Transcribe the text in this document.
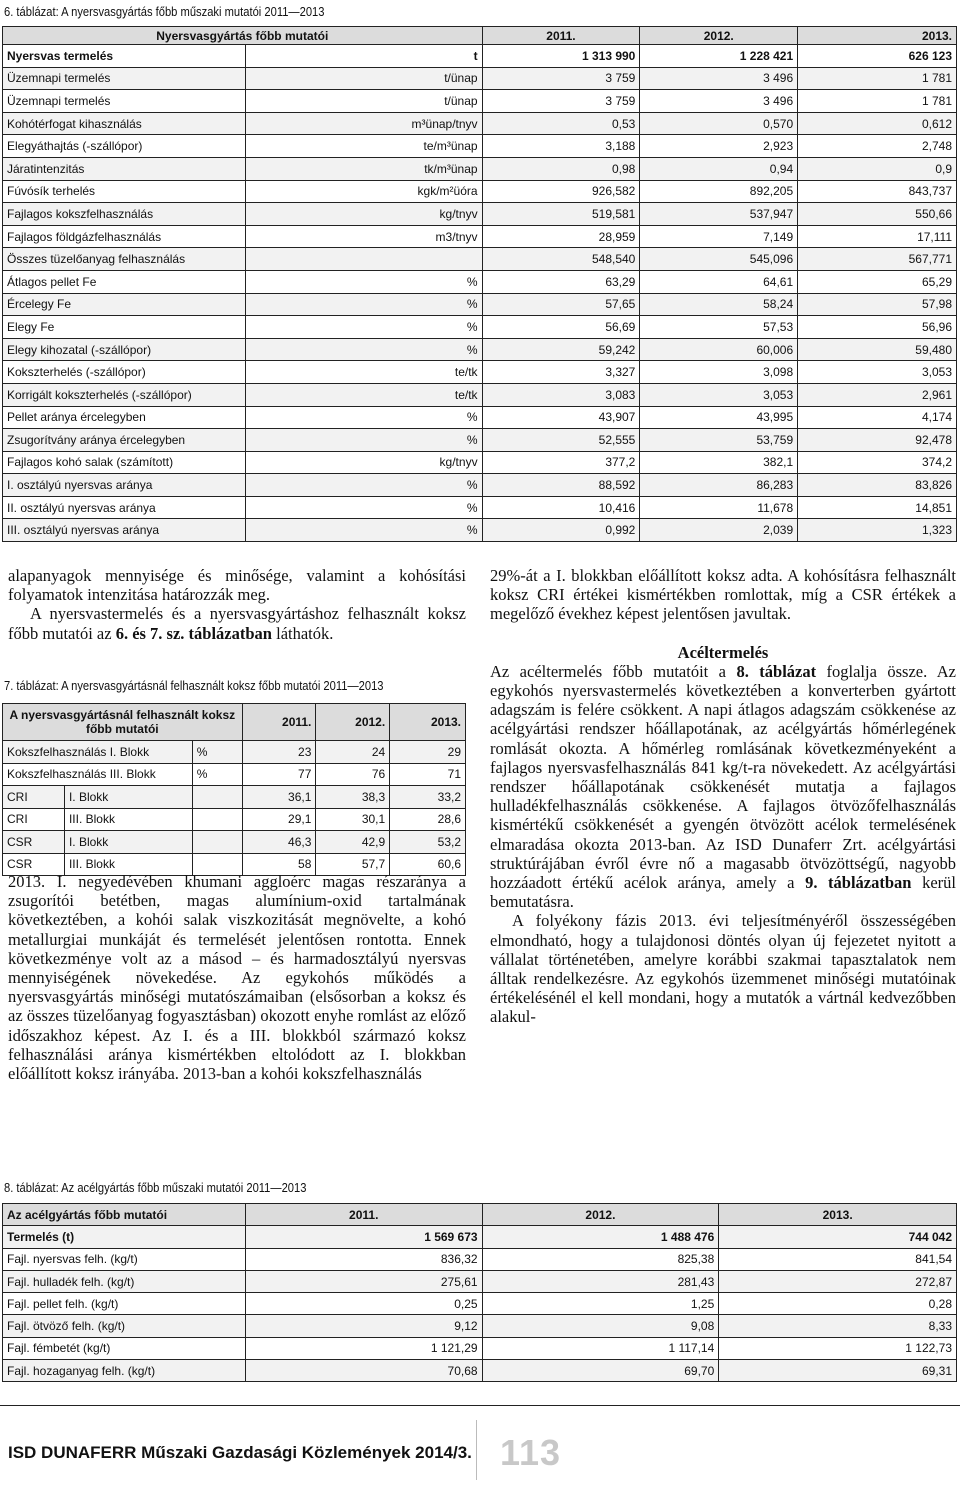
6. táblázat: A nyersvasgyártás főbb műszaki mutatói 2011—2013
Nyersvasgyártás főbb mutatói		2011.	2012.	2013.
Nyersvas termelés	t	1 313 990	1 228 421	626 123
Üzemnapi termelés	t/ünap	3 759	3 496	1 781
Üzemnapi termelés	t/ünap	3 759	3 496	1 781
Kohótérfogat kihasználás	m³ünap/tnyv	0,53	0,570	0,612
Elegyáthajtás (-szállópor)	te/m³ünap	3,188	2,923	2,748
Járatintenzitás	tk/m³ünap	0,98	0,94	0,9
Fúvósík terhelés	kgk/m²üóra	926,582	892,205	843,737
Fajlagos kokszfelhasználás	kg/tnyv	519,581	537,947	550,66
Fajlagos földgázfelhasználás	m3/tnyv	28,959	7,149	17,111
Összes tüzelőanyag felhasználás		548,540	545,096	567,771
Átlagos pellet Fe	%	63,29	64,61	65,29
Ércelegy Fe	%	57,65	58,24	57,98
Elegy Fe	%	56,69	57,53	56,96
Elegy kihozatal (-szállópor)	%	59,242	60,006	59,480
Kokszterhelés (-szállópor)	te/tk	3,327	3,098	3,053
Korrigált kokszterhelés (-szállópor)	te/tk	3,083	3,053	2,961
Pellet aránya ércelegyben	%	43,907	43,995	4,174
Zsugorítvány aránya ércelegyben	%	52,555	53,759	92,478
Fajlagos kohó salak (számított)	kg/tnyv	377,2	382,1	374,2
I. osztályú nyersvas aránya	%	88,592	86,283	83,826
II. osztályú nyersvas aránya	%	10,416	11,678	14,851
III. osztályú nyersvas aránya	%	0,992	2,039	1,323

alapanyagok mennyisége és minősége, valamint a kohósítási folyamatok intenzitása határozzák meg.

A nyersvastermelés és a nyersvasgyártáshoz felhasznált koksz főbb mutatói az 6. és 7. sz. táblázatban láthatók.

7. táblázat: A nyersvasgyártásnál felhasznált koksz főbb mutatói 2011—2013
A nyersvasgyártásnál felhasznált koksz főbb mutatói			2011.	2012.	2013.
Kokszfelhasználás I. Blokk		%	23	24	29
Kokszfelhasználás III. Blokk		%	77	76	71
CRI	I. Blokk		36,1	38,3	33,2
CRI	III. Blokk		29,1	30,1	28,6
CSR	I. Blokk		46,3	42,9	53,2
CSR	III. Blokk		58	57,7	60,6

2013. I. negyedévében khumani aggloérc magas részaránya a zsugorítói betétben, magas alumínium-oxid tartalmának következtében, a kohói salak viszkozitását megnövelte, a kohó metallurgiai munkáját és termelését jelentősen rontotta. Ennek következménye volt az a másod – és harmadosztályú nyersvas mennyiségének növekedése. Az egykohós működés a nyersvasgyártás minőségi mutatószámaiban (elsősorban a koksz és az összes tüzelőanyag fogyasztásban) okozott enyhe romlást az előző időszakhoz képest. Az I. és a III. blokkból származó koksz felhasználási aránya kismértékben eltolódott az I. blokkban előállított koksz irányába. 2013-ban a kohói kokszfelhasználás

29%-át a I. blokkban előállított koksz adta. A kohósításra felhasznált koksz CRI értékei kismértékben romlottak, míg a CSR értékek a megelőző évekhez képest jelentősen javultak.

Acéltermelés

Az acéltermelés főbb mutatóit a 8. táblázat foglalja össze. Az egykohós nyersvastermelés következtében a konverterben gyártott adagszám is felére csökkent. A napi átlagos adagszám csökkenése az acélgyártási rendszer hőállapotának, az acélgyártás hőmérlegének romlását okozta. A hőmérleg romlásának következményeként a fajlagos nyersvasfelhasználás 841 kg/t-ra növekedett. Az acélgyártási rendszer hőállapotának csökkenését mutatja a fajlagos hulladékfelhasználás csökkenése. A fajlagos ötvözőfelhasználás kismértékű csökkenését a gyengén ötvözött acélok termelésének elmaradása okozta 2013-ban. Az ISD Dunaferr Zrt. acélgyártási struktúrájában évről évre nő a magasabb ötvözöttségű, nagyobb hozzáadott értékű acélok aránya, amely a 9. táblázatban kerül bemutatásra.

A folyékony fázis 2013. évi teljesítményéről összességében elmondható, hogy a tulajdonosi döntés olyan új fejezetet nyitott a vállalat történetében, amelyre korábbi szakmai tapasztalatok nem álltak rendelkezésre. Az egykohós üzemmenet minőségi mutatóinak értékelésénél el kell mondani, hogy a mutatók a vártnál kedvezőbben alakul-

8. táblázat: Az acélgyártás főbb műszaki mutatói 2011—2013
Az acélgyártás főbb mutatói	2011.	2012.	2013.
Termelés (t)	1 569 673	1 488 476	744 042
Fajl. nyersvas felh. (kg/t)	836,32	825,38	841,54
Fajl. hulladék felh. (kg/t)	275,61	281,43	272,87
Fajl. pellet felh. (kg/t)	0,25	1,25	0,28
Fajl. ötvöző felh. (kg/t)	9,12	9,08	8,33
Fajl. fémbetét (kg/t)	1 121,29	1 117,14	1 122,73
Fajl. hozaganyag felh. (kg/t)	70,68	69,70	69,31
ISD DUNAFERR Műszaki Gazdasági Közlemények 2014/3. 113
